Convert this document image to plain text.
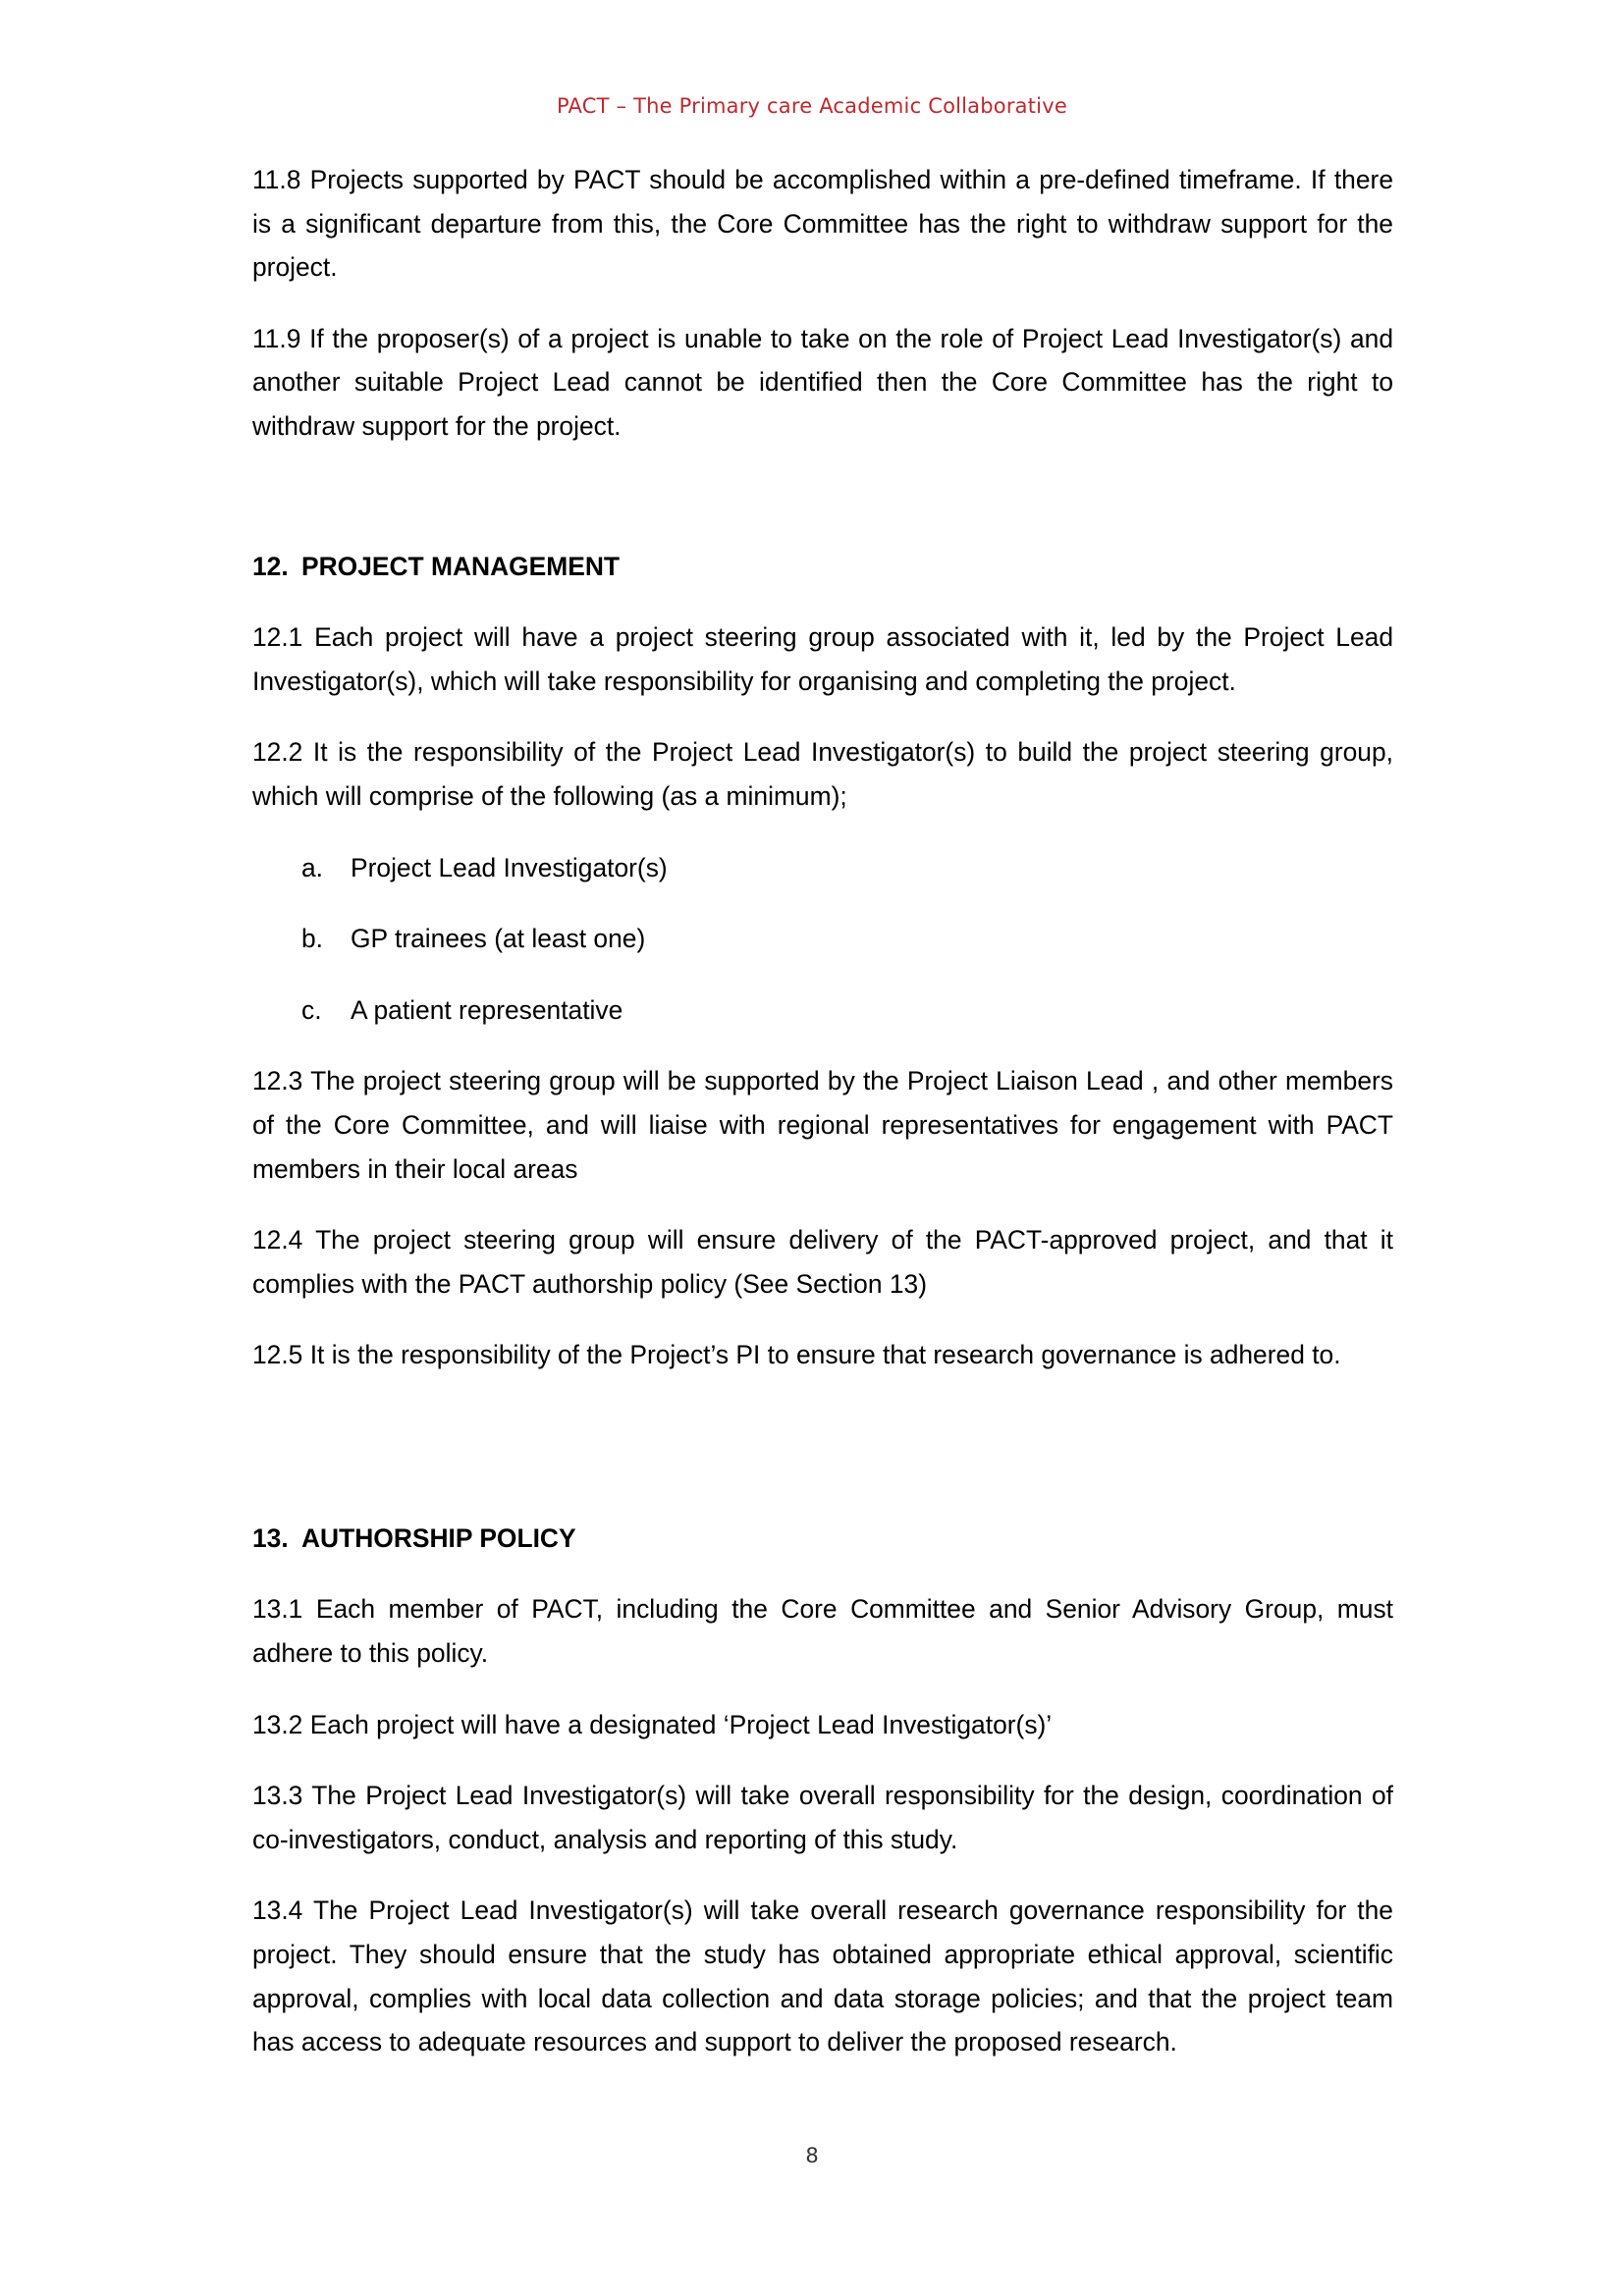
PACT – The Primary care Academic Collaborative

11.8 Projects supported by PACT should be accomplished within a pre-defined timeframe. If there is a significant departure from this, the Core Committee has the right to withdraw support for the project.

11.9 If the proposer(s) of a project is unable to take on the role of Project Lead Investigator(s) and another suitable Project Lead cannot be identified then the Core Committee has the right to withdraw support for the project.

12. PROJECT MANAGEMENT

12.1 Each project will have a project steering group associated with it, led by the Project Lead Investigator(s), which will take responsibility for organising and completing the project.

12.2 It is the responsibility of the Project Lead Investigator(s) to build the project steering group, which will comprise of the following (as a minimum);

a.	Project Lead Investigator(s)
b.	GP trainees (at least one)
c.	A patient representative

12.3 The project steering group will be supported by the Project Liaison Lead , and other members of the Core Committee, and will liaise with regional representatives for engagement with PACT members in their local areas

12.4 The project steering group will ensure delivery of the PACT-approved project, and that it complies with the PACT authorship policy (See Section 13)

12.5 It is the responsibility of the Project’s PI to ensure that research governance is adhered to.

13. AUTHORSHIP POLICY

13.1 Each member of PACT, including the Core Committee and Senior Advisory Group, must adhere to this policy.

13.2 Each project will have a designated ‘Project Lead Investigator(s)’

13.3 The Project Lead Investigator(s) will take overall responsibility for the design, coordination of co-investigators, conduct, analysis and reporting of this study.

13.4 The Project Lead Investigator(s) will take overall research governance responsibility for the project. They should ensure that the study has obtained appropriate ethical approval, scientific approval, complies with local data collection and data storage policies; and that the project team has access to adequate resources and support to deliver the proposed research.

8
